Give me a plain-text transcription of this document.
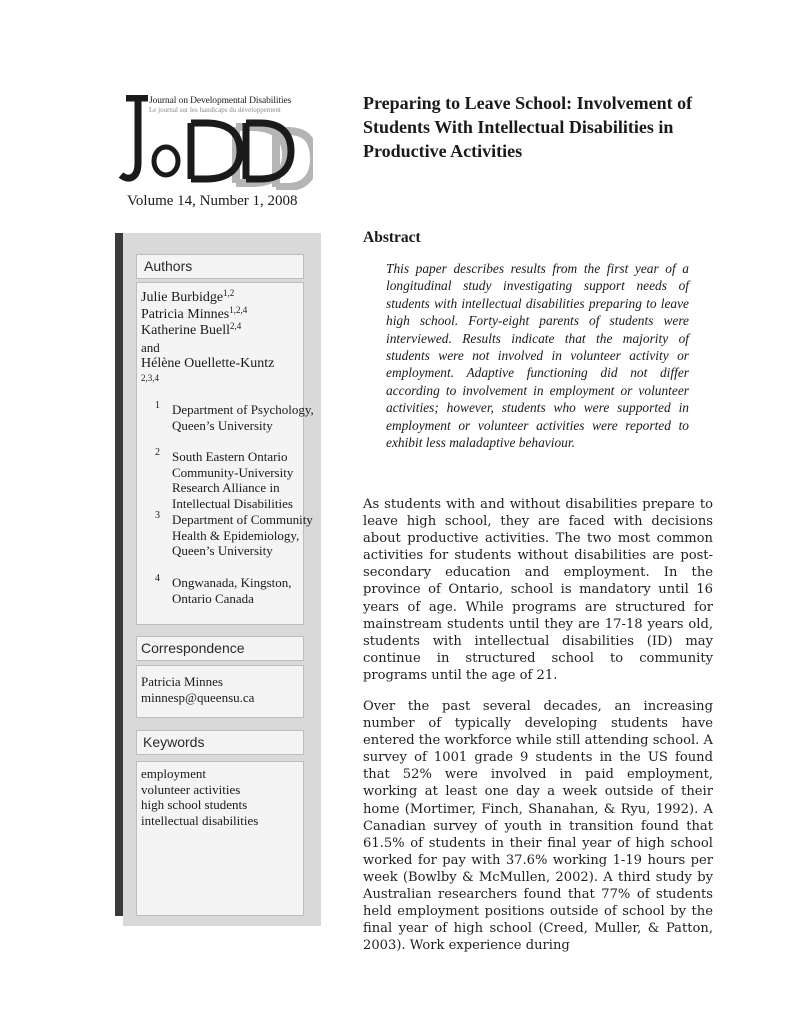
Journal on Developmental Disabilities
Le journal sur les handicaps du développement
Volume 14, Number 1, 2008
Authors
Julie Burbidge$^{1,2}$
Patricia Minnes$^{1,2,4}$
Katherine Buell$^{2,4}$
and
Hélène Ouellette-Kuntz
2,3,4
1 Department of Psychology, Queen’s University
2 South Eastern Ontario Community-University Research Alliance in Intellectual Disabilities
3 Department of Community Health & Epidemiology, Queen’s University
4 Ongwanada, Kingston, Ontario Canada
Correspondence
Patricia Minnes
minnesp@queensu.ca
Keywords
employment
volunteer activities
high school students
intellectual disabilities
Preparing to Leave School: Involvement of Students With Intellectual Disabilities in Productive Activities
Abstract
This paper describes results from the first year of a longitudinal study investigating support needs of students with intellectual disabilities preparing to leave high school. Forty-eight parents of students were interviewed. Results indicate that the majority of students were not involved in volunteer activity or employment. Adaptive functioning did not differ according to involvement in employment or volunteer activities; however, students who were supported in employment or volunteer activities were reported to exhibit less maladaptive behaviour.
As students with and without disabilities prepare to leave high school, they are faced with decisions about productive activities. The two most common activities for students without disabilities are post-secondary education and employment. In the province of Ontario, school is mandatory until 16 years of age. While programs are structured for mainstream students until they are 17-18 years old, students with intellectual disabilities (ID) may continue in structured school to community programs until the age of 21.
Over the past several decades, an increasing number of typically developing students have entered the workforce while still attending school. A survey of 1001 grade 9 students in the US found that 52% were involved in paid employment, working at least one day a week outside of their home (Mortimer, Finch, Shanahan, & Ryu, 1992). A Canadian survey of youth in transition found that 61.5% of students in their final year of high school worked for pay with 37.6% working 1-19 hours per week (Bowlby & McMullen, 2002). A third study by Australian researchers found that 77% of students held employment positions outside of school by the final year of high school (Creed, Muller, & Patton, 2003). Work experience during
